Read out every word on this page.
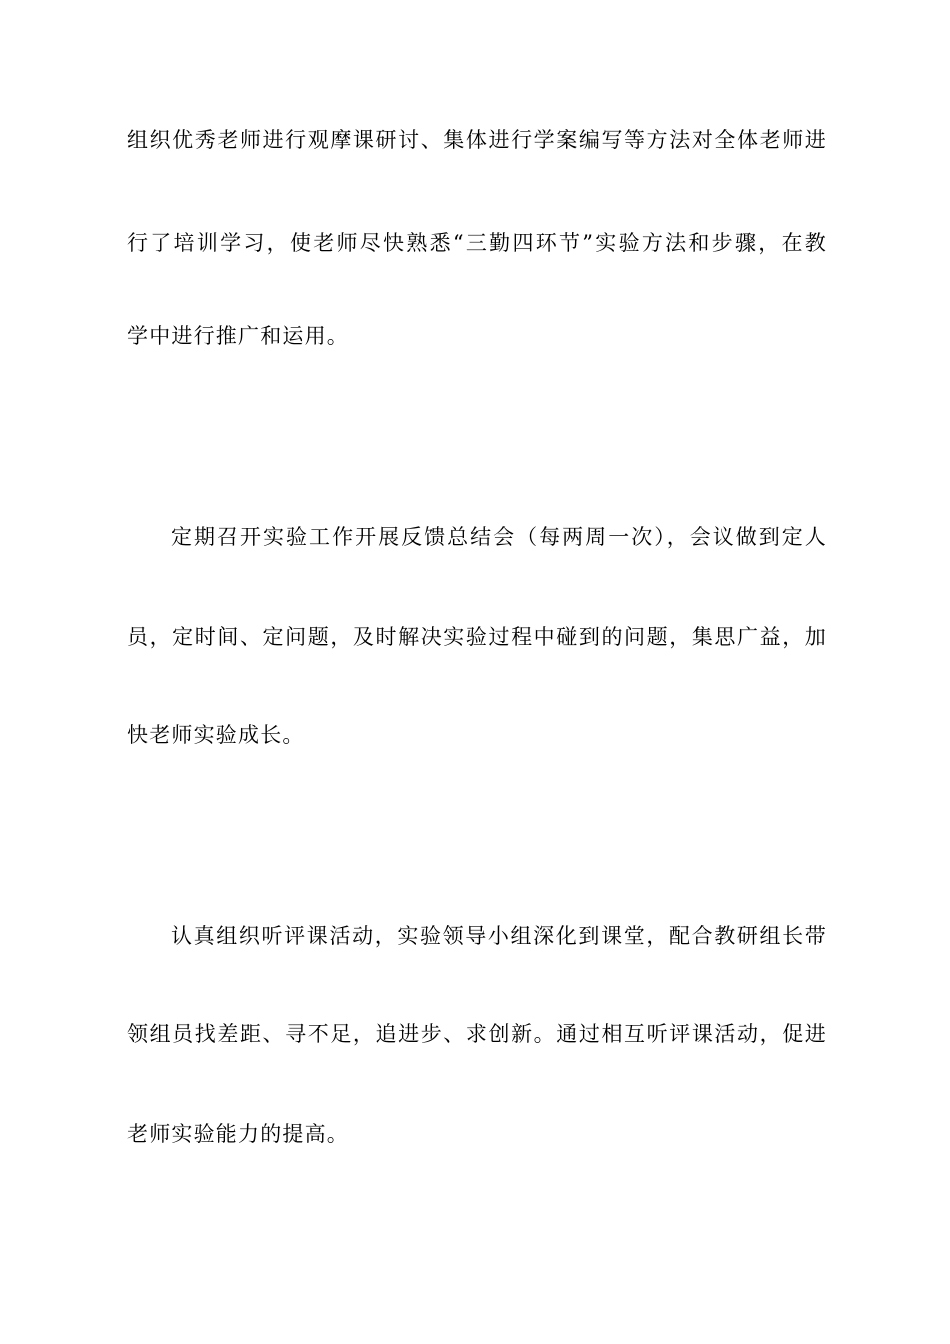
组织优秀老师进行观摩课研讨、集体进行学案编写等方法对全体老师进
行了培训学习，使老师尽快熟悉“三勤四环节”实验方法和步骤，在教
学中进行推广和运用。
定期召开实验工作开展反馈总结会（每两周一次），会议做到定人
员，定时间、定问题，及时解决实验过程中碰到的问题，集思广益，加
快老师实验成长。
认真组织听评课活动，实验领导小组深化到课堂，配合教研组长带
领组员找差距、寻不足，追进步、求创新。通过相互听评课活动，促进
老师实验能力的提高。
